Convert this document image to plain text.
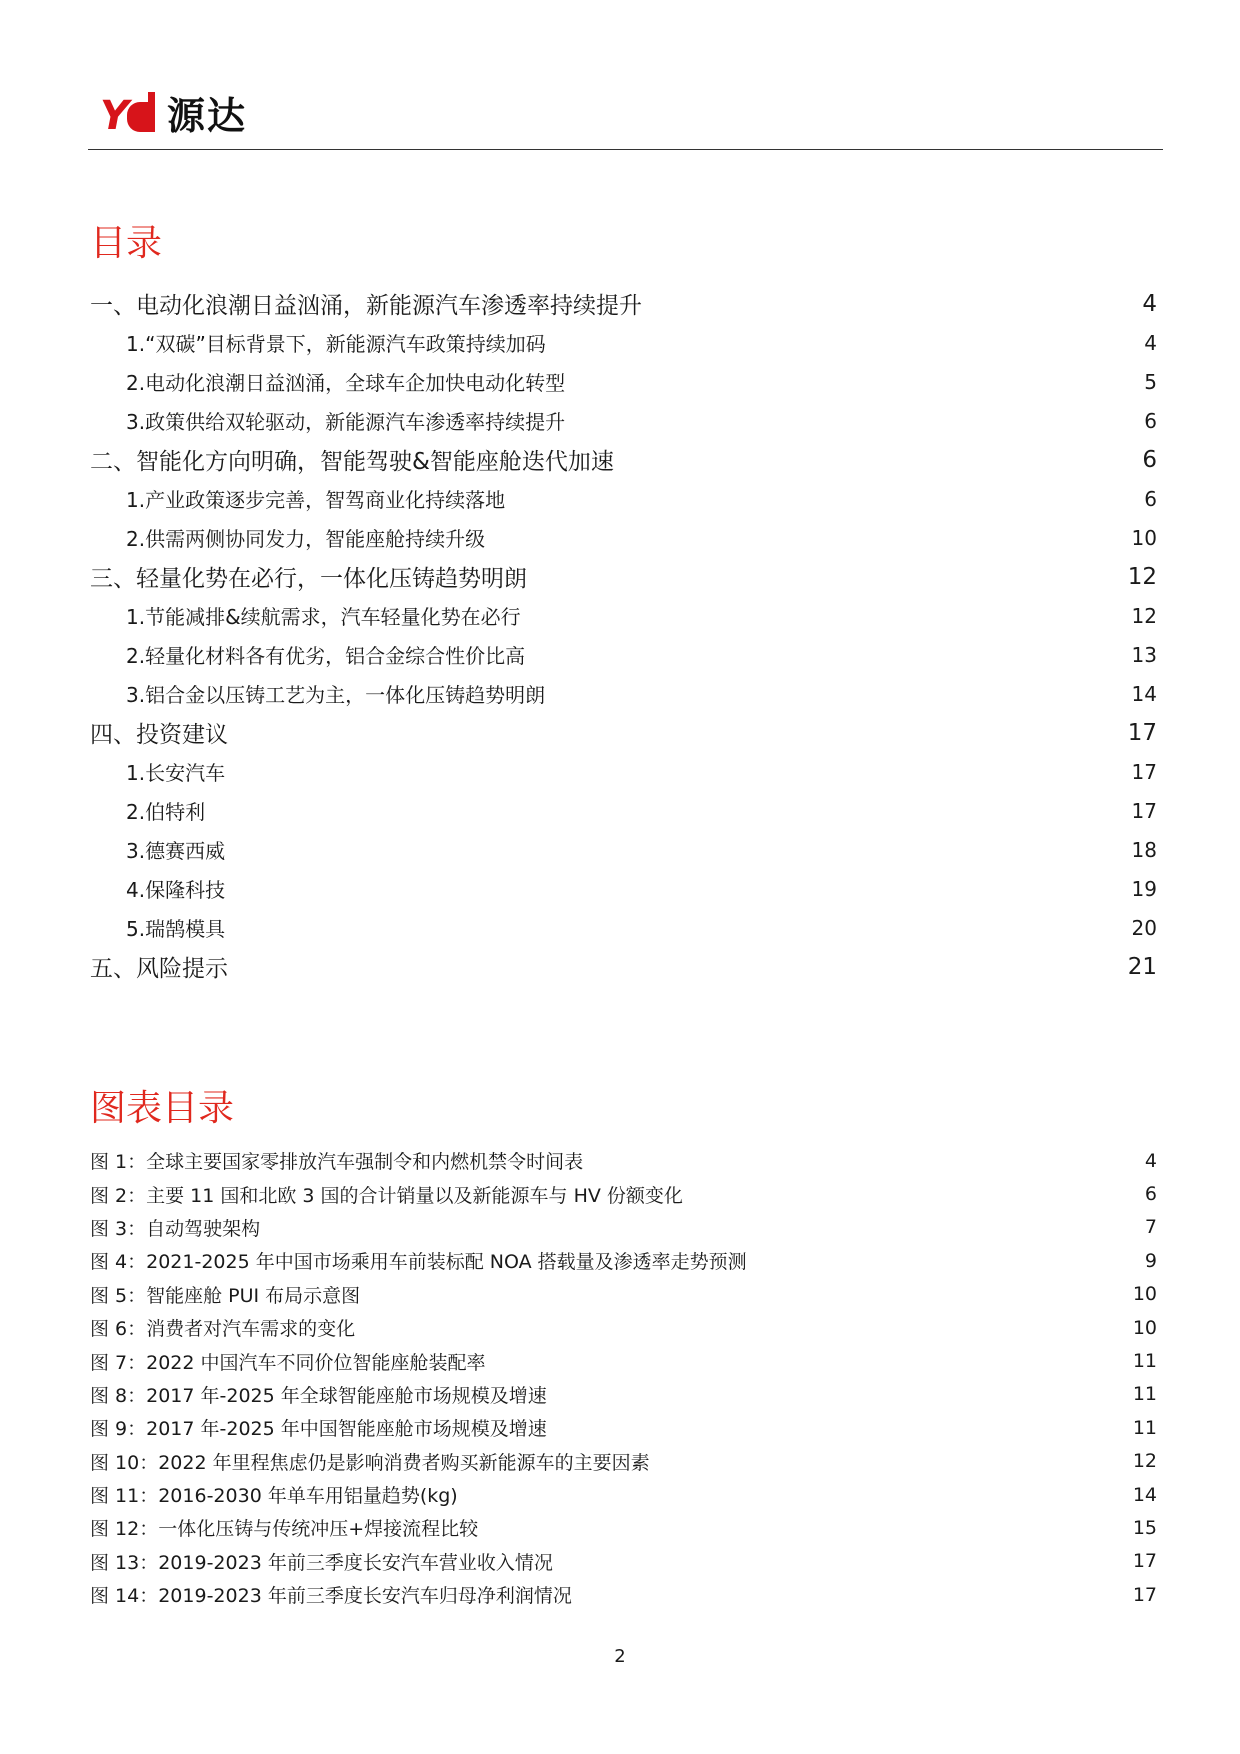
Y 源达
目录
一、电动化浪潮日益汹涌，新能源汽车渗透率持续提升	4
1.“双碳”目标背景下，新能源汽车政策持续加码	4
2.电动化浪潮日益汹涌，全球车企加快电动化转型	5
3.政策供给双轮驱动，新能源汽车渗透率持续提升	6
二、智能化方向明确，智能驾驶&智能座舱迭代加速	6
1.产业政策逐步完善，智驾商业化持续落地	6
2.供需两侧协同发力，智能座舱持续升级	10
三、轻量化势在必行，一体化压铸趋势明朗	12
1.节能减排&续航需求，汽车轻量化势在必行	12
2.轻量化材料各有优劣，铝合金综合性价比高	13
3.铝合金以压铸工艺为主，一体化压铸趋势明朗	14
四、投资建议	17
1.长安汽车	17
2.伯特利	17
3.德赛西威	18
4.保隆科技	19
5.瑞鹄模具	20
五、风险提示	21
图表目录
图 1：全球主要国家零排放汽车强制令和内燃机禁令时间表	4
图 2：主要 11 国和北欧 3 国的合计销量以及新能源车与 HV 份额变化	6
图 3：自动驾驶架构	7
图 4：2021-2025 年中国市场乘用车前装标配 NOA 搭载量及渗透率走势预测	9
图 5：智能座舱 PUI 布局示意图	10
图 6：消费者对汽车需求的变化	10
图 7：2022 中国汽车不同价位智能座舱装配率	11
图 8：2017 年-2025 年全球智能座舱市场规模及增速	11
图 9：2017 年-2025 年中国智能座舱市场规模及增速	11
图 10：2022 年里程焦虑仍是影响消费者购买新能源车的主要因素	12
图 11：2016-2030 年单车用铝量趋势(kg)	14
图 12：一体化压铸与传统冲压+焊接流程比较	15
图 13：2019-2023 年前三季度长安汽车营业收入情况	17
图 14：2019-2023 年前三季度长安汽车归母净利润情况	17
2
